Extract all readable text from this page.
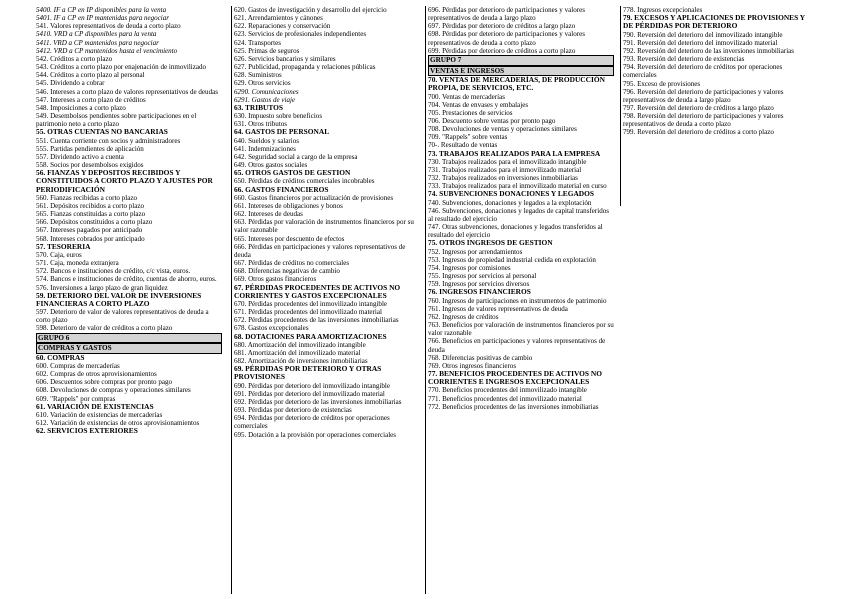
5400. IF a CP en IP disponibles para la venta
5401. IF a CP en IP mantenidas para negociar
541. Valores representativos de deuda a corto plazo
5410. VRD a CP disponibles para la venta
5411. VRD a CP mantenidos para negociar
5412. VRD a CP mantenidos hasta el vencimiento
542. Créditos a corto plazo
543. Créditos a corto plazo por enajenación de inmovilizado
544. Créditos a corto plazo al personal
545. Dividendo a cobrar
546. Intereses a corto plazo de valores representativos de deudas
547. Intereses a corto plazo de créditos
548. Imposiciones a corto plazo
549. Desembolsos pendientes sobre participaciones en el patrimonio neto a corto plazo
55. OTRAS CUENTAS NO BANCARIAS
551. Cuenta corriente con socios y administradores
555. Partidas pendientes de aplicación
557. Dividendo activo a cuenta
558. Socios por desembolsos exigidos
56. FIANZAS Y DEPOSITOS RECIBIDOS Y CONSTITUIDOS A CORTO PLAZO Y AJUSTES POR PERIODIFICACIÓN
560. Fianzas recibidas a corto plazo
561. Depósitos recibidos a corto plazo
565. Fianzas constituidas a corto plazo
566. Depósitos constituidos a corto plazo
567. Intereses pagados por anticipado
568. Intereses cobrados por anticipado
57. TESORERIA
570. Caja, euros
571. Caja, moneda extranjera
572. Bancos e instituciones de crédito, c/c vista, euros.
574. Bancos e instituciones de crédito, cuentas de ahorro, euros.
576. Inversiones a largo plazo de gran liquidez
59. DETERIORO DEL VALOR DE INVERSIONES FINANCIERAS A CORTO PLAZO
597. Deterioro de valor de valores representativos de deuda a corto plazo
598. Deterioro de valor de créditos a corto plazo
GRUPO 6
COMPRAS Y GASTOS
60. COMPRAS
600. Compras de mercaderías
602. Compras de otros aprovisionamientos
606. Descuentos sobre compras por pronto pago
608. Devoluciones de compras y operaciones similares
609. "Rappels" por compras
61. VARIACIÓN DE EXISTENCIAS
610. Variación de existencias de mercaderías
612. Variación de existencias de otros aprovisionamientos
62. SERVICIOS EXTERIORES
620. Gastos de investigación y desarrollo del ejercicio
621. Arrendamientos y cánones
622. Reparaciones y conservación
623. Servicios de profesionales independientes
624. Transportes
625. Primas de seguros
626. Servicios bancarios y similares
627. Publicidad, propaganda y relaciones públicas
628. Suministros
629. Otros servicios
6290. Comunicaciones
6291. Gastos de viaje
63. TRIBUTOS
630. Impuesto sobre beneficios
631. Otros tributos
64. GASTOS DE PERSONAL
640. Sueldos y salarios
641. Indemnizaciones
642. Seguridad social a cargo de la empresa
649. Otros gastos sociales
65. OTROS GASTOS DE GESTION
650. Pérdidas de créditos comerciales incobrables
66. GASTOS FINANCIEROS
660. Gastos financieros por actualización de provisiones
661. Intereses de obligaciones y bonos
662. Intereses de deudas
663. Pérdidas por valoración de instrumentos financieros por su valor razonable
665. Intereses por descuento de efectos
666. Pérdidas en participaciones y valores representativos de deuda
667. Pérdidas de créditos no comerciales
668. Diferencias negativas de cambio
669. Otros gastos financieros
67. PÉRDIDAS PROCEDENTES DE ACTIVOS NO CORRIENTES Y GASTOS EXCEPCIONALES
670. Pérdidas procedentes del inmovilizado intangible
671. Pérdidas procedentes del inmovilizado material
672. Pérdidas procedentes de las inversiones inmobiliarias
678. Gastos excepcionales
68. DOTACIONES PARA AMORTIZACIONES
680. Amortización del inmovilizado intangible
681. Amortización del inmovilizado material
682. Amortización de inversiones inmobiliarias
69. PÉRDIDAS POR DETERIORO Y OTRAS PROVISIONES
690. Pérdidas por deterioro del inmovilizado intangible
691. Pérdidas por deterioro del inmovilizado material
692. Pérdidas por deterioro de las inversiones inmobiliarias
693. Pérdidas por deterioro de existencias
694. Pérdidas por deterioro de créditos por operaciones comerciales
695. Dotación a la provisión por operaciones comerciales
696. Pérdidas por deterioro de participaciones y valores representativos de deuda a largo plazo
697. Pérdidas por deterioro de créditos a largo plazo
698. Pérdidas por deterioro de participaciones y valores representativos de deuda a corto plazo
699. Pérdidas por deterioro de créditos a corto plazo
GRUPO 7
VENTAS E INGRESOS
70. VENTAS DE MERCADERÍAS, DE PRODUCCIÓN PROPIA, DE SERVICIOS, ETC.
700. Ventas de mercaderías
704. Ventas de envases y embalajes
705. Prestaciones de servicios
706. Descuento sobre ventas por pronto pago
708. Devoluciones de ventas y operaciones similares
709. "Rappels" sobre ventas
70-. Resultado de ventas
73. TRABAJOS REALIZADOS PARA LA EMPRESA
730. Trabajos realizados para el inmovilizado intangible
731. Trabajos realizados para el inmovilizado material
732. Trabajos realizados en inversiones inmobiliarias
733. Trabajos realizados para el inmovilizado material en curso
74. SUBVENCIONES DONACIONES Y LEGADOS
740. Subvenciones, donaciones y legados a la explotación
746. Subvenciones, donaciones y legados de capital transferidos al resultado del ejercicio
747. Otras subvenciones, donaciones y legados transferidos al resultado del ejercicio
75. OTROS INGRESOS DE GESTION
752. Ingresos por arrendamientos
753. Ingresos de propiedad industrial cedida en explotación
754. Ingresos por comisiones
755. Ingresos por servicios al personal
759. Ingresos por servicios diversos
76. INGRESOS FINANCIEROS
760. Ingresos de participaciones en instrumentos de patrimonio
761. Ingresos de valores representativos de deuda
762. Ingresos de créditos
763. Beneficios por valoración de instrumentos financieros por su valor razonable
766. Beneficios en participaciones y valores representativos de deuda
768. Diferencias positivas de cambio
769. Otros ingresos financieros
77. BENEFICIOS PROCEDENTES DE ACTIVOS NO CORRIENTES E INGRESOS EXCEPCIONALES
770. Beneficios procedentes del inmovilizado intangible
771. Beneficios procedentes del inmovilizado material
772. Beneficios procedentes de las inversiones inmobiliarias
778. Ingresos excepcionales
79. EXCESOS Y APLICACIONES DE PROVISIONES Y DE PÉRDIDAS POR DETERIORO
790. Reversión del deterioro del inmovilizado intangible
791. Reversión del deterioro del inmovilizado material
792. Reversión del deterioro de las inversiones inmobiliarias
793. Reversión del deterioro de existencias
794. Reversión del deterioro de créditos por operaciones comerciales
795. Exceso de provisiones
796. Reversión del deterioro de participaciones y valores representativos de deuda a largo plazo
797. Reversión del deterioro de créditos a largo plazo
798. Reversión del deterioro de participaciones y valores representativos de deuda a corto plazo
799. Reversión del deterioro de créditos a corto plazo
